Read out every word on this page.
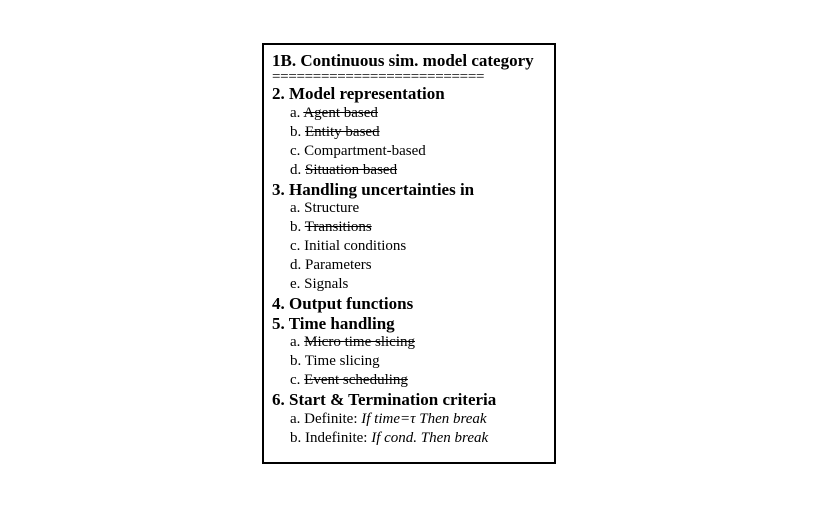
1B. Continuous sim. model category
==========================
2. Model representation
a. Agent based
b. Entity based
c. Compartment-based
d. Situation based
3. Handling uncertainties in
a. Structure
b. Transitions
c. Initial conditions
d. Parameters
e. Signals
4. Output functions
5. Time handling
a. Micro time slicing
b. Time slicing
c. Event scheduling
6. Start & Termination criteria
a. Definite: If time=τ Then break
b. Indefinite: If cond. Then break
